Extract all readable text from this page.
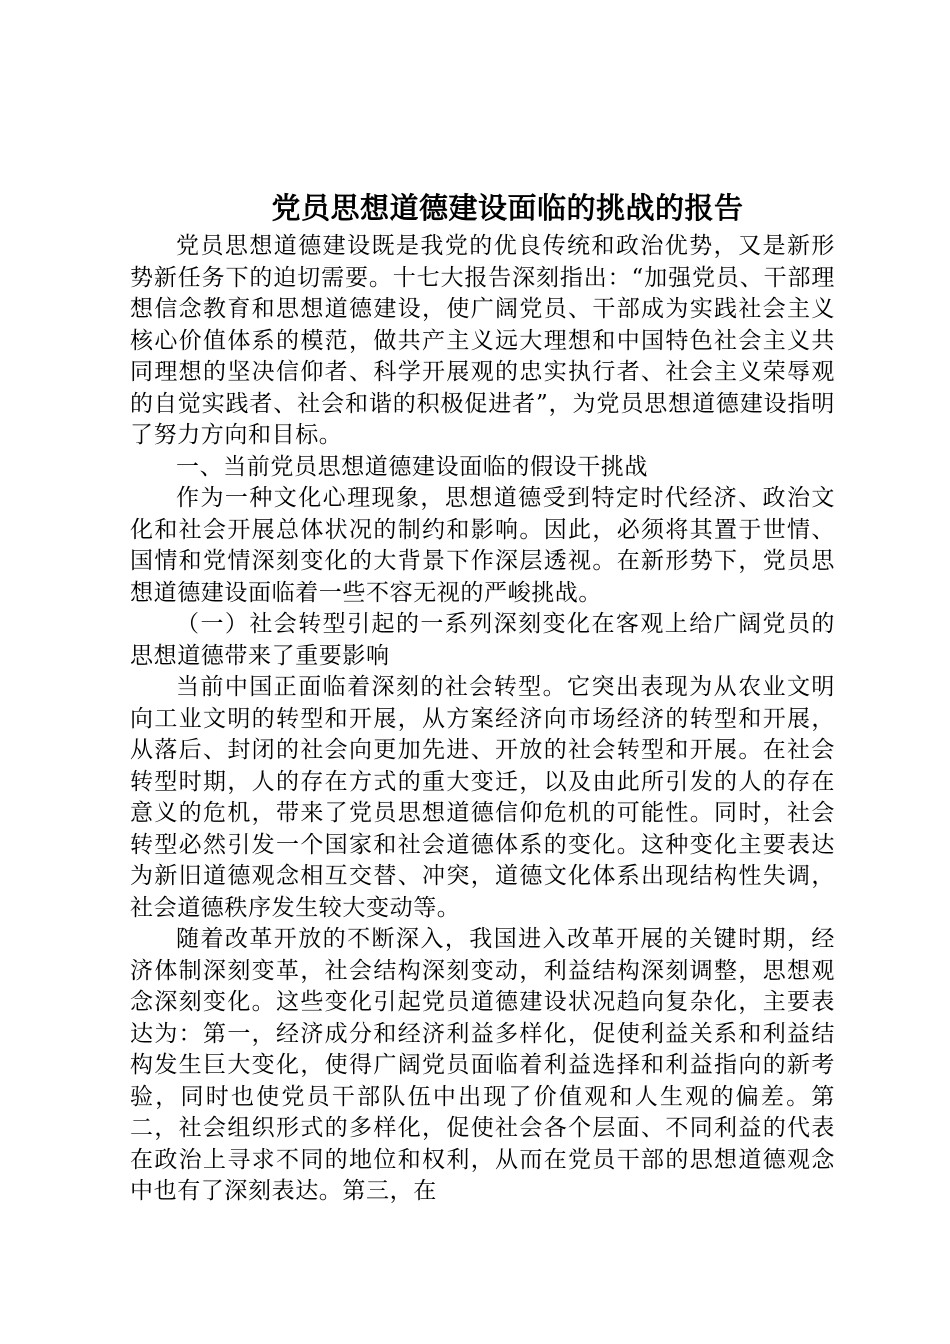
党员思想道德建设面临的挑战的报告

党员思想道德建设既是我党的优良传统和政治优势，又是新形势新任务下的迫切需要。十七大报告深刻指出：“加强党员、干部理想信念教育和思想道德建设，使广阔党员、干部成为实践社会主义核心价值体系的模范，做共产主义远大理想和中国特色社会主义共同理想的坚决信仰者、科学开展观的忠实执行者、社会主义荣辱观的自觉实践者、社会和谐的积极促进者”，为党员思想道德建设指明了努力方向和目标。

一、当前党员思想道德建设面临的假设干挑战

作为一种文化心理现象，思想道德受到特定时代经济、政治文化和社会开展总体状况的制约和影响。因此，必须将其置于世情、国情和党情深刻变化的大背景下作深层透视。在新形势下，党员思想道德建设面临着一些不容无视的严峻挑战。

（一）社会转型引起的一系列深刻变化在客观上给广阔党员的思想道德带来了重要影响

当前中国正面临着深刻的社会转型。它突出表现为从农业文明向工业文明的转型和开展，从方案经济向市场经济的转型和开展，从落后、封闭的社会向更加先进、开放的社会转型和开展。在社会转型时期，人的存在方式的重大变迁，以及由此所引发的人的存在意义的危机，带来了党员思想道德信仰危机的可能性。同时，社会转型必然引发一个国家和社会道德体系的变化。这种变化主要表达为新旧道德观念相互交替、冲突，道德文化体系出现结构性失调，社会道德秩序发生较大变动等。

随着改革开放的不断深入，我国进入改革开展的关键时期，经济体制深刻变革，社会结构深刻变动，利益结构深刻调整，思想观念深刻变化。这些变化引起党员道德建设状况趋向复杂化，主要表达为：第一，经济成分和经济利益多样化，促使利益关系和利益结构发生巨大变化，使得广阔党员面临着利益选择和利益指向的新考验，同时也使党员干部队伍中出现了价值观和人生观的偏差。第二，社会组织形式的多样化，促使社会各个层面、不同利益的代表在政治上寻求不同的地位和权利，从而在党员干部的思想道德观念中也有了深刻表达。第三，在
